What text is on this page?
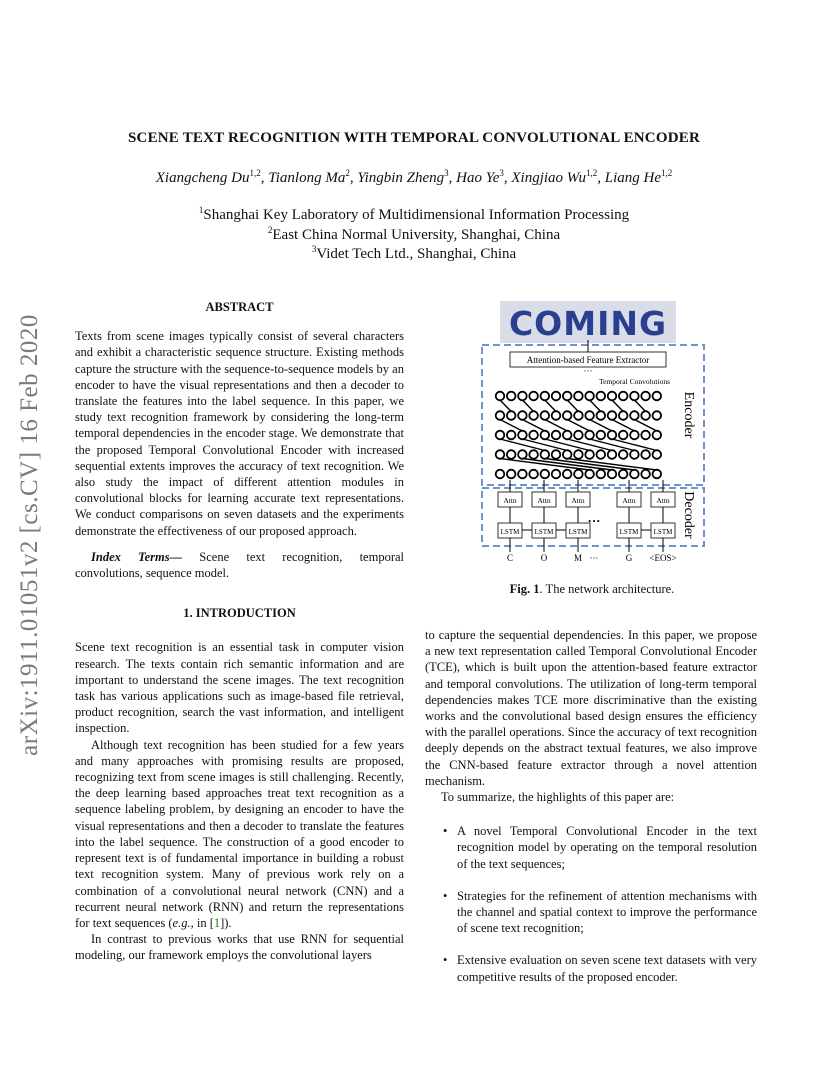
arXiv:1911.01051v2 [cs.CV] 16 Feb 2020
SCENE TEXT RECOGNITION WITH TEMPORAL CONVOLUTIONAL ENCODER
Xiangcheng Du$^{1,2}$, Tianlong Ma$^2$, Yingbin Zheng$^3$, Hao Ye$^3$, Xingjiao Wu$^{1,2}$, Liang He$^{1,2}$
$^1$Shanghai Key Laboratory of Multidimensional Information Processing
$^2$East China Normal University, Shanghai, China
$^3$Videt Tech Ltd., Shanghai, China
ABSTRACT

Texts from scene images typically consist of several characters and exhibit a characteristic sequence structure. Existing methods capture the structure with the sequence-to-sequence models by an encoder to have the visual representations and then a decoder to translate the features into the label sequence. In this paper, we study text recognition framework by considering the long-term temporal dependencies in the encoder stage. We demonstrate that the proposed Temporal Convolutional Encoder with increased sequential extents improves the accuracy of text recognition. We also study the impact of different attention modules in convolutional blocks for learning accurate text representations. We conduct comparisons on seven datasets and the experiments demonstrate the effectiveness of our proposed approach.

Index Terms— Scene text recognition, temporal convolutions, sequence model.

1. INTRODUCTION

Scene text recognition is an essential task in computer vision research. The texts contain rich semantic information and are important to understand the scene images. The text recognition task has various applications such as image-based file retrieval, product recognition, search the vast information, and intelligent inspection.

Although text recognition has been studied for a few years and many approaches with promising results are proposed, recognizing text from scene images is still challenging. Recently, the deep learning based approaches treat text recognition as a sequence labeling problem, by designing an encoder to have the visual representations and then a decoder to translate the features into the label sequence. The construction of a good encoder to represent text is of fundamental importance in building a robust text recognition system. Many of previous work rely on a combination of a convolutional neural network (CNN) and a recurrent neural network (RNN) and return the representations for text sequences (e.g., in [1]).

In contrast to previous works that use RNN for sequential modeling, our framework employs the convolutional layers

COMING
Attention-based Feature Extractor
···
Temporal Convolutions
Encoder
Attn
LSTM
C
Attn
LSTM
O
Attn
LSTM
M
Attn
LSTM
G
Attn
LSTM
<EOS>
···	Decoder
···
Fig. 1. The network architecture.

to capture the sequential dependencies. In this paper, we propose a new text representation called Temporal Convolutional Encoder (TCE), which is built upon the attention-based feature extractor and temporal convolutions. The utilization of long-term temporal dependencies makes TCE more discriminative than the existing works and the convolutional based design ensures the efficiency with the parallel operations. Since the accuracy of text recognition deeply depends on the abstract textual features, we also improve the CNN-based feature extractor through a novel attention mechanism.

To summarize, the highlights of this paper are:

• A novel Temporal Convolutional Encoder in the text recognition model by operating on the temporal resolution of the text sequences;
• Strategies for the refinement of attention mechanisms with the channel and spatial context to improve the performance of scene text recognition;
• Extensive evaluation on seven scene text datasets with very competitive results of the proposed encoder.
